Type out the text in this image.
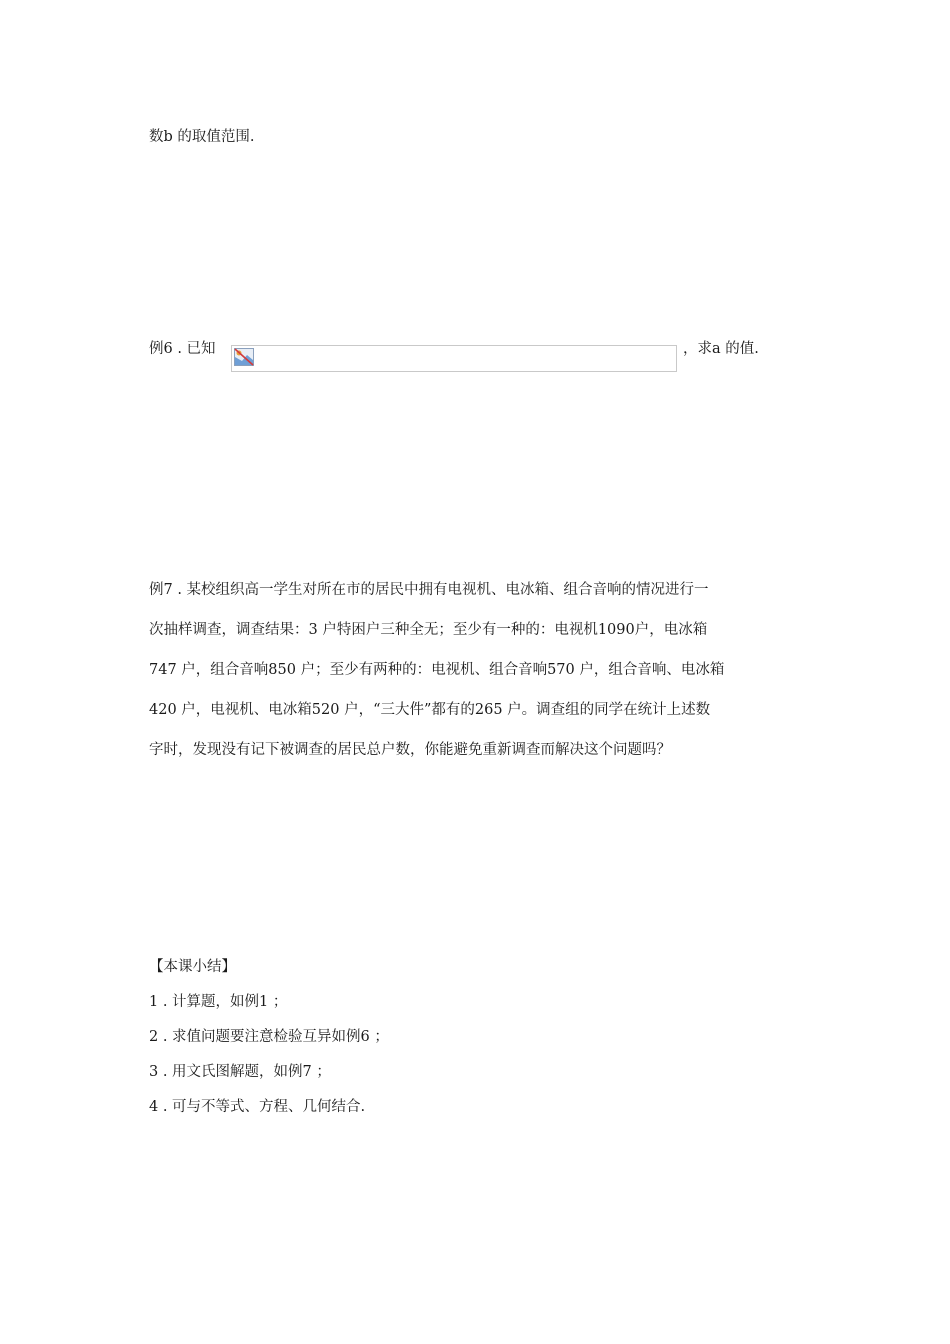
数b 的取值范围.
例6 . 已知	，求a 的值.
例7 . 某校组织高一学生对所在市的居民中拥有电视机、电冰箱、组合音响的情况进行一
次抽样调查，调查结果：3 户特困户三种全无；至少有一种的：电视机1090户，电冰箱
747 户，组合音响850 户；至少有两种的：电视机、组合音响570 户，组合音响、电冰箱
420 户，电视机、电冰箱520 户，“三大件”都有的265 户。调查组的同学在统计上述数
字时，发现没有记下被调查的居民总户数，你能避免重新调查而解决这个问题吗？
【本课小结】
1 . 计算题，如例1 ；
2 . 求值问题要注意检验互异如例6 ；
3 . 用文氏图解题，如例7 ；
4 . 可与不等式、方程、几何结合.
